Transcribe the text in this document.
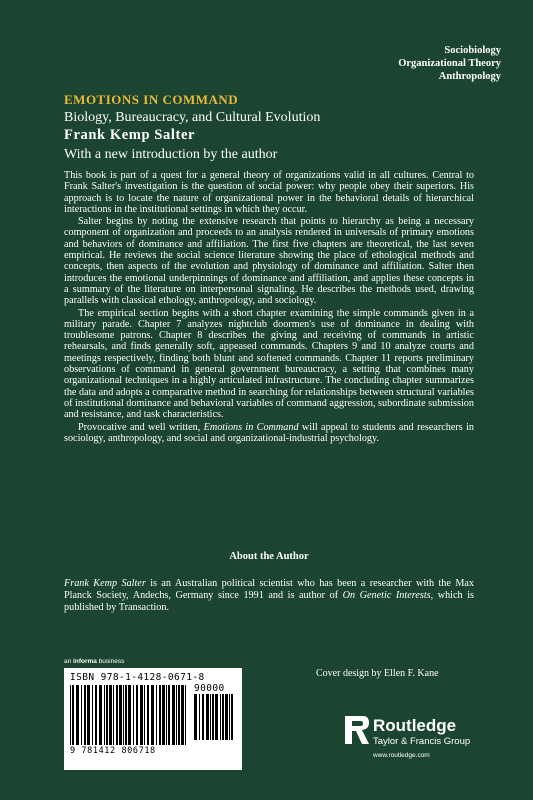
Sociobiology
Organizational Theory
Anthropology
EMOTIONS IN COMMAND
Biology, Bureaucracy, and Cultural Evolution
Frank Kemp Salter
With a new introduction by the author

This book is part of a quest for a general theory of organizations valid in all cultures. Central to Frank Salter's investigation is the question of social power: why people obey their superiors. His approach is to locate the nature of organizational power in the behavioral details of hierarchical interactions in the institutional settings in which they occur.

Salter begins by noting the extensive research that points to hierarchy as being a necessary component of organization and proceeds to an analysis rendered in universals of primary emotions and behaviors of dominance and affiliation. The first five chapters are theoretical, the last seven empirical. He reviews the social science literature showing the place of ethological methods and concepts, then aspects of the evolution and physiology of dominance and affiliation. Salter then introduces the emotional underpinnings of dominance and affiliation, and applies these concepts in a summary of the literature on interpersonal signaling. He describes the methods used, drawing parallels with classical ethology, anthropology, and sociology.

The empirical section begins with a short chapter examining the simple commands given in a military parade. Chapter 7 analyzes nightclub doormen's use of dominance in dealing with troublesome patrons. Chapter 8 describes the giving and receiving of commands in artistic rehearsals, and finds generally soft, appeased commands. Chapters 9 and 10 analyze courts and meetings respectively, finding both blunt and softened commands. Chapter 11 reports preliminary observations of command in general government bureaucracy, a setting that combines many organizational techniques in a highly articulated infrastructure. The concluding chapter summarizes the data and adopts a comparative method in searching for relationships between structural variables of institutional dominance and behavioral variables of command aggression, subordinate submission and resistance, and task characteristics.

Provocative and well written, Emotions in Command will appeal to students and researchers in sociology, anthropology, and social and organizational-industrial psychology.

About the Author
Frank Kemp Salter is an Australian political scientist who has been a researcher with the Max Planck Society, Andechs, Germany since 1991 and is author of On Genetic Interests, which is published by Transaction.
an informa business
ISBN 978-1-4128-0671-8
90000
9 781412 806718
Cover design by Ellen F. Kane
Routledge
Taylor & Francis Group
www.routledge.com
